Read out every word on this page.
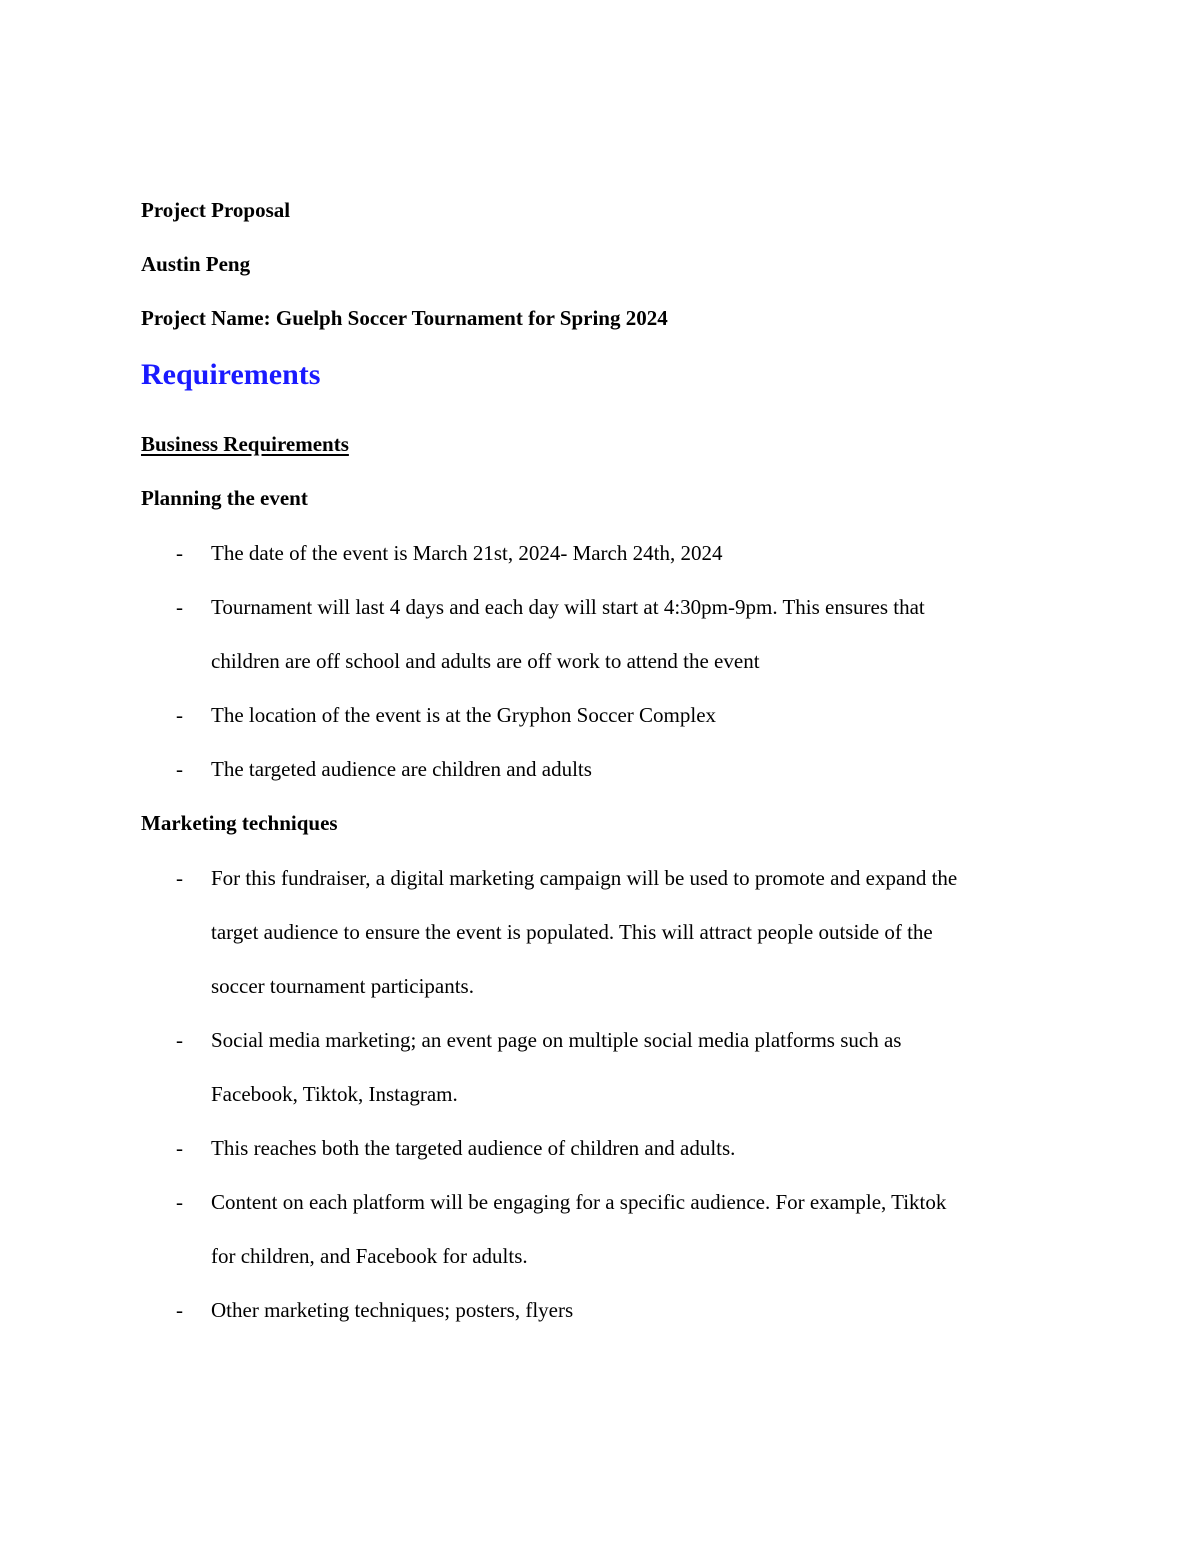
Project Proposal
Austin Peng
Project Name: Guelph Soccer Tournament for Spring 2024
Requirements
Business Requirements
Planning the event
- The date of the event is March 21st, 2024- March 24th, 2024
- Tournament will last 4 days and each day will start at 4:30pm-9pm. This ensures that
children are off school and adults are off work to attend the event
- The location of the event is at the Gryphon Soccer Complex
- The targeted audience are children and adults
Marketing techniques
- For this fundraiser, a digital marketing campaign will be used to promote and expand the
target audience to ensure the event is populated. This will attract people outside of the
soccer tournament participants.
- Social media marketing; an event page on multiple social media platforms such as
Facebook, Tiktok, Instagram.
- This reaches both the targeted audience of children and adults.
- Content on each platform will be engaging for a specific audience. For example, Tiktok
for children, and Facebook for adults.
- Other marketing techniques; posters, flyers
